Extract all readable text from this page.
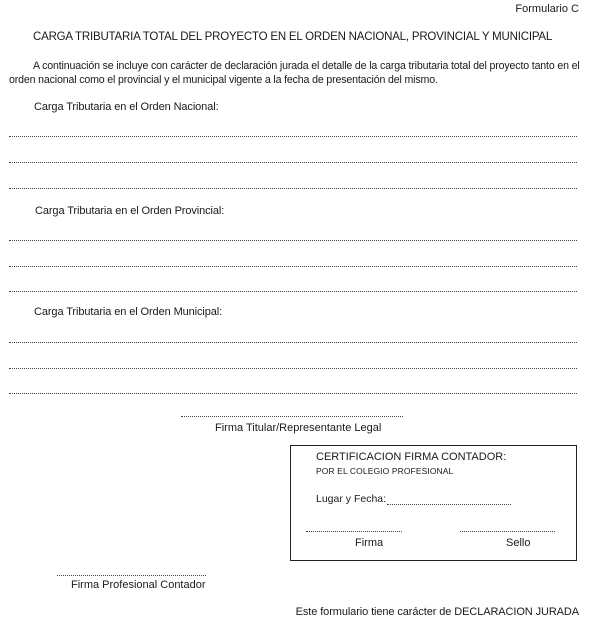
Formulario C
CARGA TRIBUTARIA TOTAL DEL PROYECTO EN EL ORDEN NACIONAL, PROVINCIAL Y MUNICIPAL
A continuación se incluye con carácter de declaración jurada el detalle de la carga tributaria total del proyecto tanto en el orden nacional como el provincial y el municipal vigente a la fecha de presentación del mismo.
Carga Tributaria en el Orden Nacional:
Carga Tributaria en el Orden Provincial:
Carga Tributaria en el Orden Municipal:
Firma Titular/Representante Legal
CERTIFICACION FIRMA CONTADOR:
POR EL COLEGIO PROFESIONAL
Lugar y Fecha:
Firma	Sello
Firma Profesional Contador
Este formulario tiene carácter de DECLARACION JURADA
